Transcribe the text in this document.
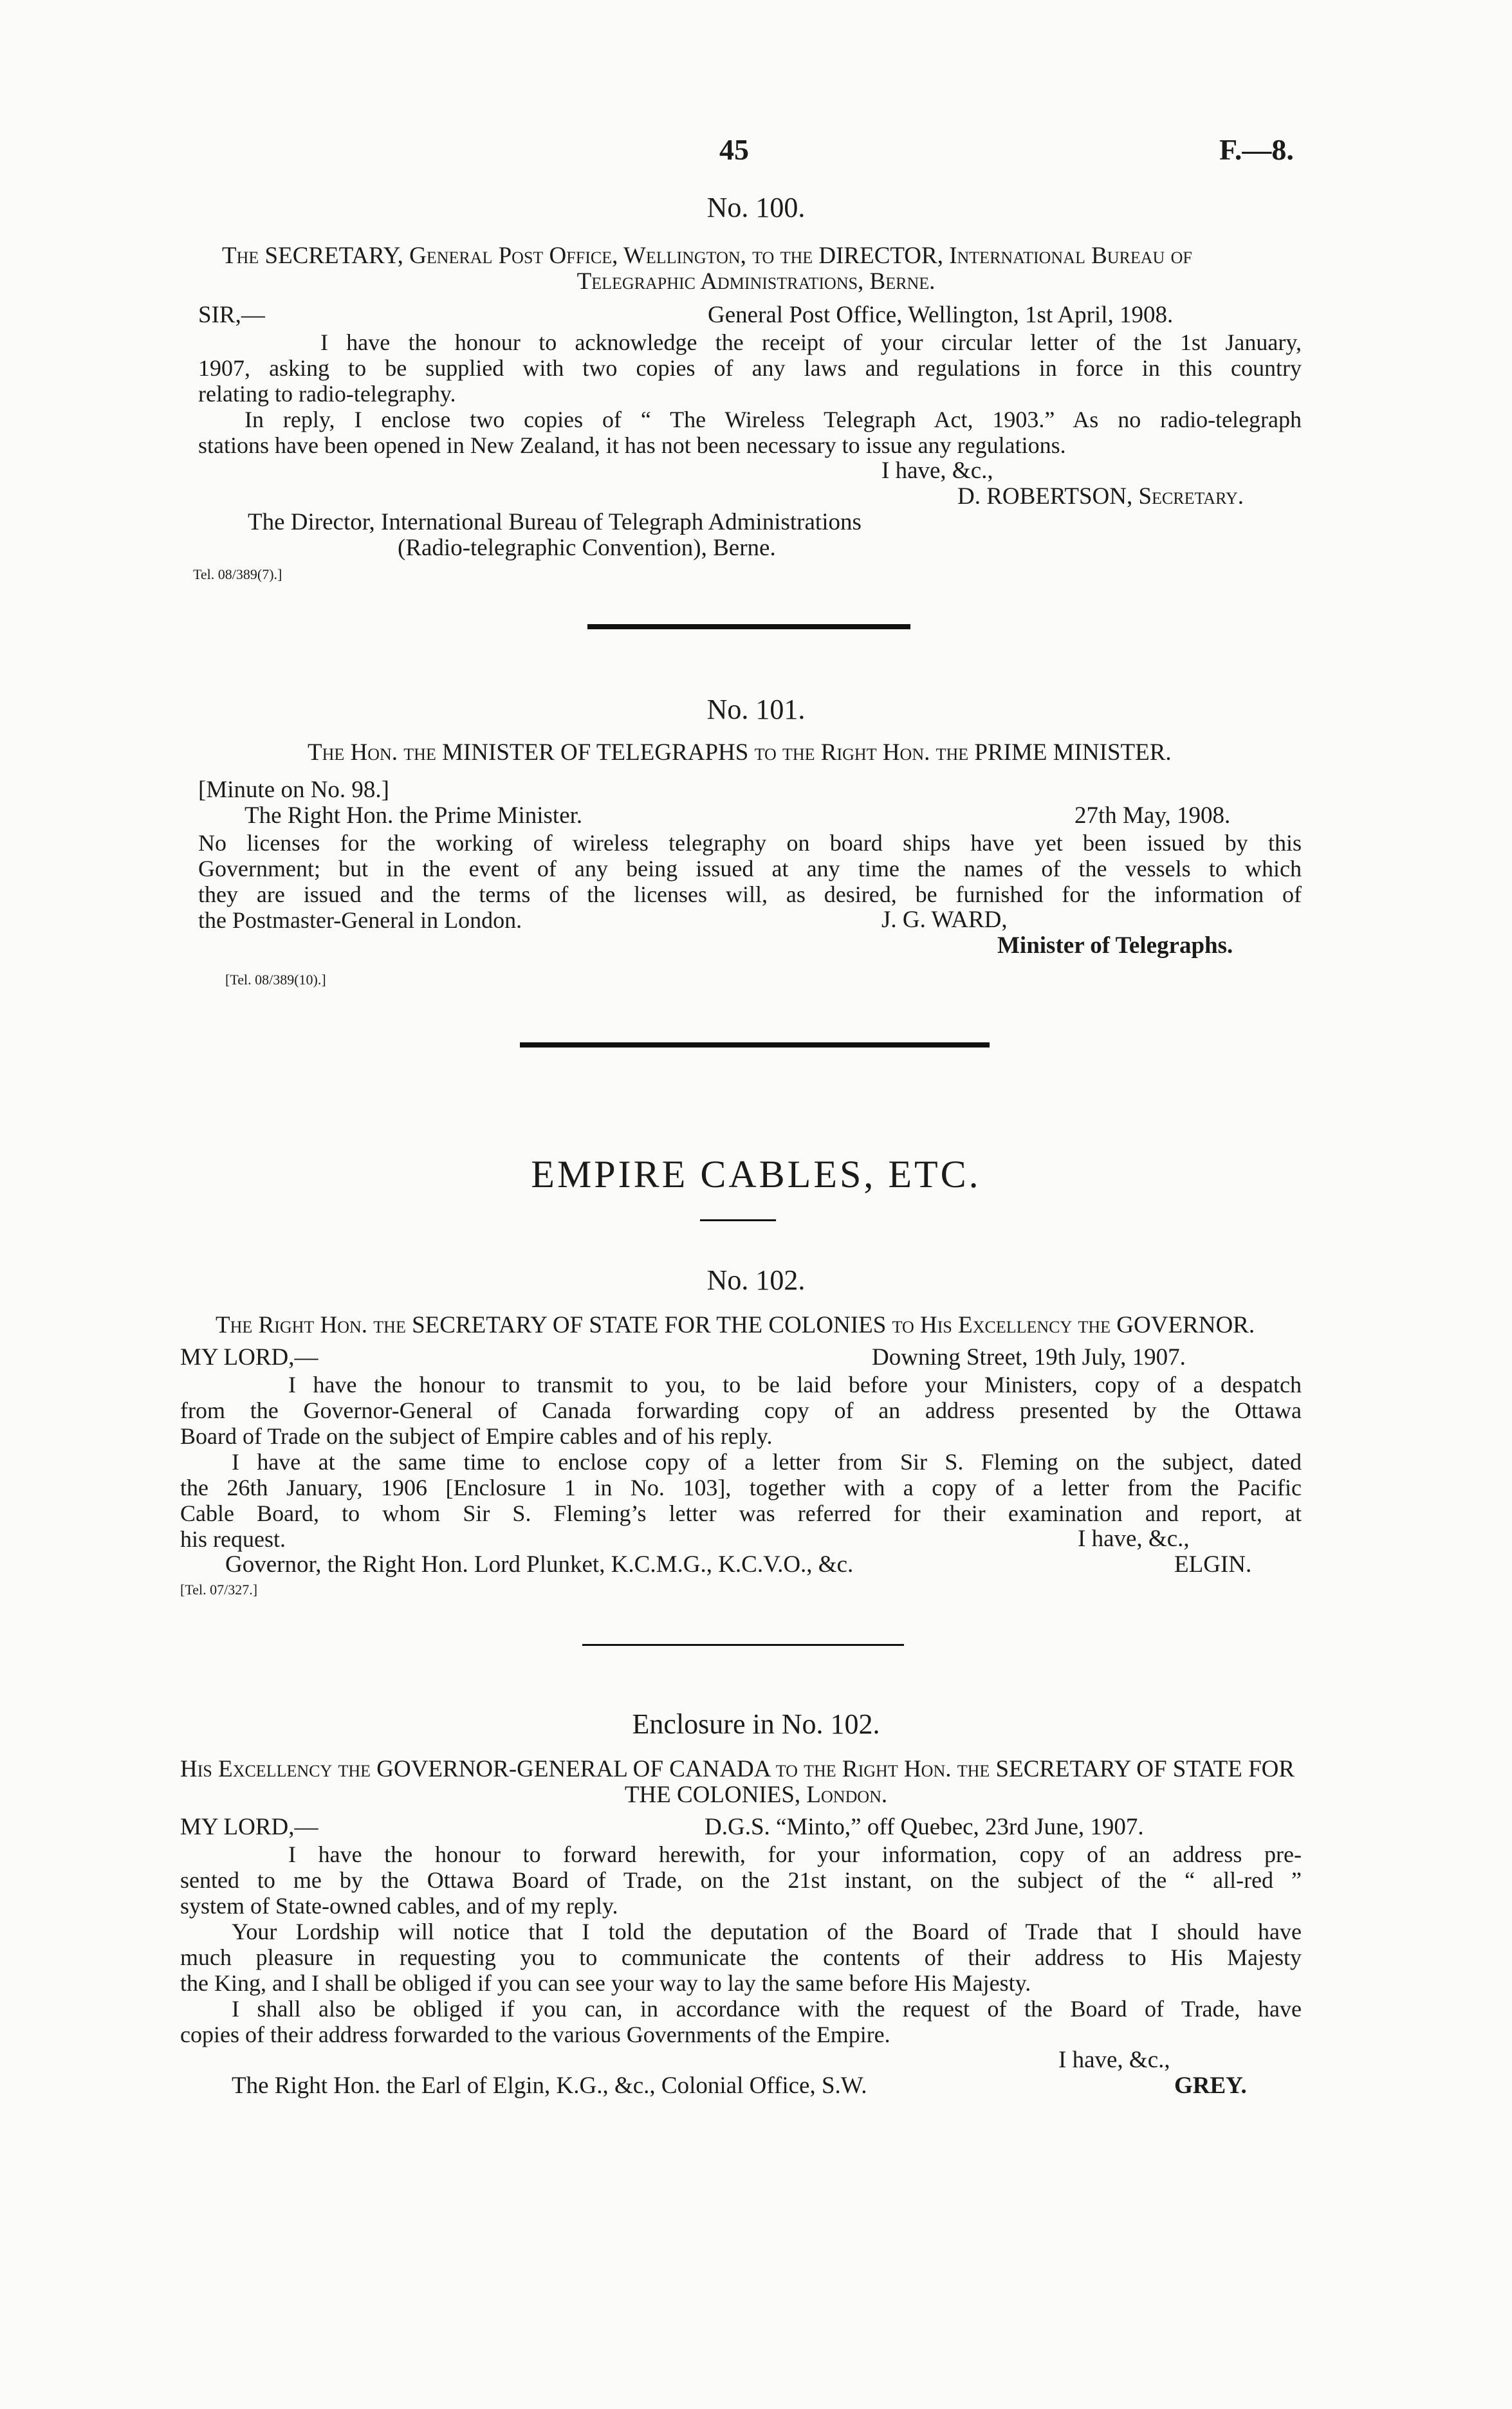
45	F.—8.
No. 100.
The SECRETARY, General Post Office, Wellington, to the DIRECTOR, International Bureau of
Telegraphic Administrations, Berne.
SIR,—	General Post Office, Wellington, 1st April, 1908.
I have the honour to acknowledge the receipt of your circular letter of the 1st January,
1907, asking to be supplied with two copies of any laws and regulations in force in this country
relating to radio-telegraphy.
In reply, I enclose two copies of “ The Wireless Telegraph Act, 1903.” As no radio-telegraph
stations have been opened in New Zealand, it has not been necessary to issue any regulations.
I have, &c.,
D. ROBERTSON, Secretary.
The Director, International Bureau of Telegraph Administrations
(Radio-telegraphic Convention), Berne.
Tel. 08/389(7).]
No. 101.
The Hon. the MINISTER OF TELEGRAPHS to the Right Hon. the PRIME MINISTER.
[Minute on No. 98.]
The Right Hon. the Prime Minister.	27th May, 1908.
No licenses for the working of wireless telegraphy on board ships have yet been issued by this
Government; but in the event of any being issued at any time the names of the vessels to which
they are issued and the terms of the licenses will, as desired, be furnished for the information of
the Postmaster-General in London.	J. G. WARD,
Minister of Telegraphs.
[Tel. 08/389(10).]
EMPIRE CABLES, ETC.
No. 102.
The Right Hon. the SECRETARY OF STATE FOR THE COLONIES to His Excellency the GOVERNOR.
MY LORD,—	Downing Street, 19th July, 1907.
I have the honour to transmit to you, to be laid before your Ministers, copy of a despatch
from the Governor-General of Canada forwarding copy of an address presented by the Ottawa
Board of Trade on the subject of Empire cables and of his reply.
I have at the same time to enclose copy of a letter from Sir S. Fleming on the subject, dated
the 26th January, 1906 [Enclosure 1 in No. 103], together with a copy of a letter from the Pacific
Cable Board, to whom Sir S. Fleming’s letter was referred for their examination and report, at
his request.	I have, &c.,
Governor, the Right Hon. Lord Plunket, K.C.M.G., K.C.V.O., &c.	ELGIN.
[Tel. 07/327.]
Enclosure in No. 102.
His Excellency the GOVERNOR-GENERAL OF CANADA to the Right Hon. the SECRETARY OF STATE FOR
THE COLONIES, London.
MY LORD,—	D.G.S. “Minto,” off Quebec, 23rd June, 1907.
I have the honour to forward herewith, for your information, copy of an address pre-
sented to me by the Ottawa Board of Trade, on the 21st instant, on the subject of the “ all-red ”
system of State-owned cables, and of my reply.
Your Lordship will notice that I told the deputation of the Board of Trade that I should have
much pleasure in requesting you to communicate the contents of their address to His Majesty
the King, and I shall be obliged if you can see your way to lay the same before His Majesty.
I shall also be obliged if you can, in accordance with the request of the Board of Trade, have
copies of their address forwarded to the various Governments of the Empire.
I have, &c.,
The Right Hon. the Earl of Elgin, K.G., &c., Colonial Office, S.W.	GREY.
